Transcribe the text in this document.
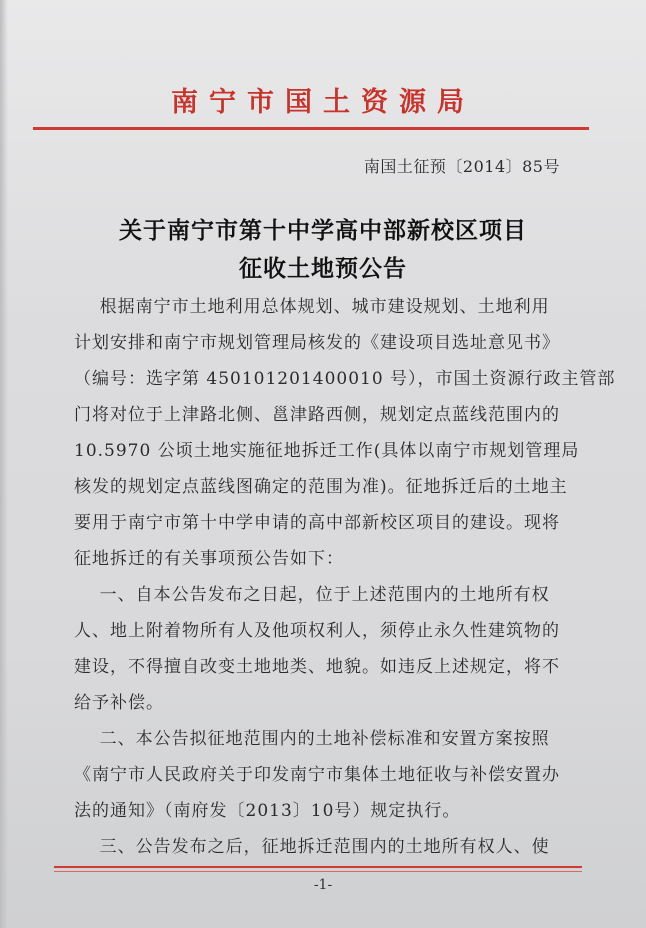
南宁市国土资源局
南国土征预〔2014〕85号
关于南宁市第十中学高中部新校区项目
征收土地预公告
根据南宁市土地利用总体规划、城市建设规划、土地利用
计划安排和南宁市规划管理局核发的《建设项目选址意见书》
（编号：选字第 450101201400010 号），市国土资源行政主管部
门将对位于上津路北侧、邕津路西侧，规划定点蓝线范围内的
10.5970 公顷土地实施征地拆迁工作(具体以南宁市规划管理局
核发的规划定点蓝线图确定的范围为准)。征地拆迁后的土地主
要用于南宁市第十中学申请的高中部新校区项目的建设。现将
征地拆迁的有关事项预公告如下：
一、自本公告发布之日起，位于上述范围内的土地所有权
人、地上附着物所有人及他项权利人，须停止永久性建筑物的
建设，不得擅自改变土地地类、地貌。如违反上述规定，将不
给予补偿。
二、本公告拟征地范围内的土地补偿标准和安置方案按照
《南宁市人民政府关于印发南宁市集体土地征收与补偿安置办
法的通知》（南府发〔2013〕10号）规定执行。
三、公告发布之后，征地拆迁范围内的土地所有权人、使
-1-
